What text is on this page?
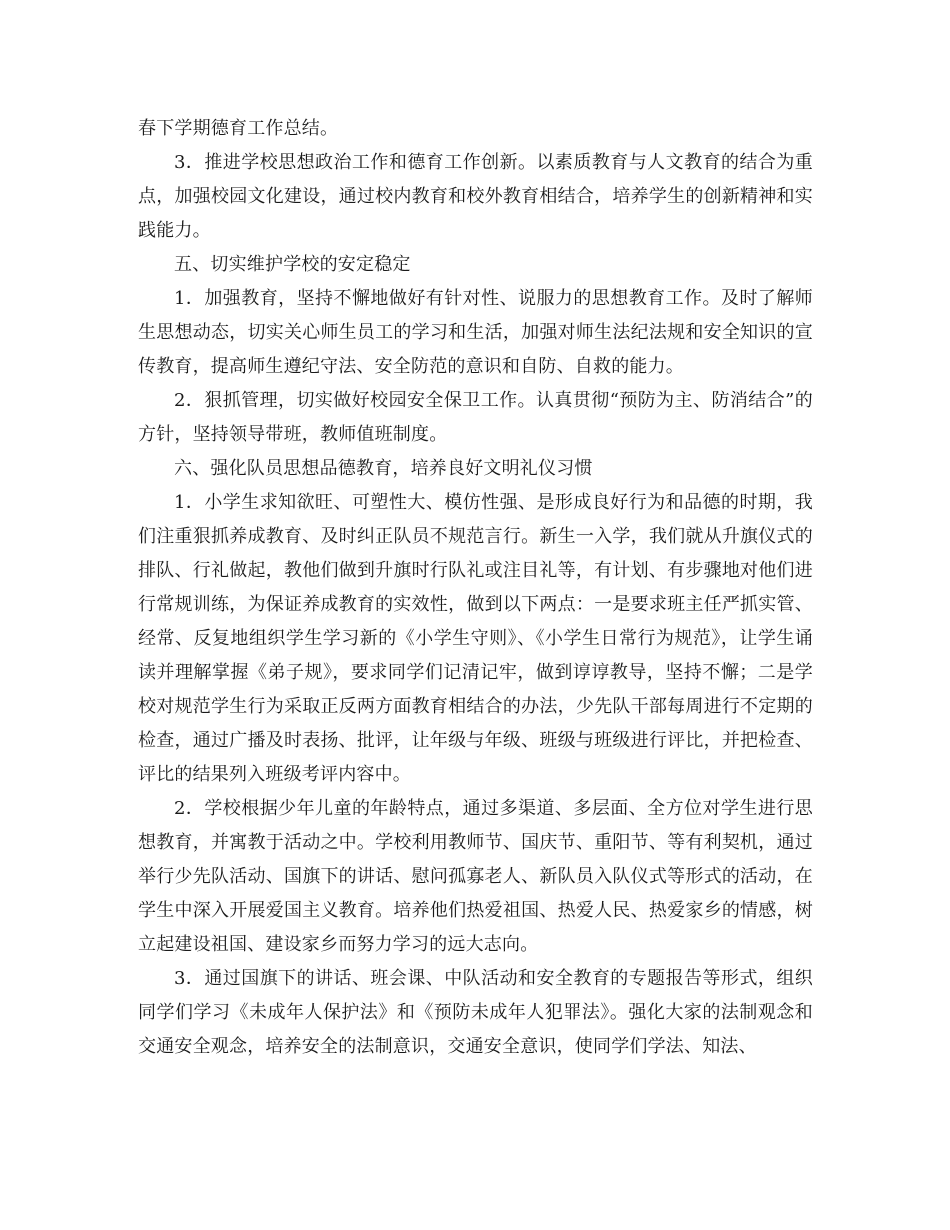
春下学期德育工作总结。

3．推进学校思想政治工作和德育工作创新。以素质教育与人文教育的结合为重点，加强校园文化建设，通过校内教育和校外教育相结合，培养学生的创新精神和实践能力。

五、切实维护学校的安定稳定

1．加强教育，坚持不懈地做好有针对性、说服力的思想教育工作。及时了解师生思想动态，切实关心师生员工的学习和生活，加强对师生法纪法规和安全知识的宣传教育，提高师生遵纪守法、安全防范的意识和自防、自救的能力。

2．狠抓管理，切实做好校园安全保卫工作。认真贯彻“预防为主、防消结合”的方针，坚持领导带班，教师值班制度。

六、强化队员思想品德教育，培养良好文明礼仪习惯

1．小学生求知欲旺、可塑性大、模仿性强、是形成良好行为和品德的时期，我们注重狠抓养成教育、及时纠正队员不规范言行。新生一入学，我们就从升旗仪式的排队、行礼做起，教他们做到升旗时行队礼或注目礼等，有计划、有步骤地对他们进行常规训练，为保证养成教育的实效性，做到以下两点：一是要求班主任严抓实管、经常、反复地组织学生学习新的《小学生守则》、《小学生日常行为规范》，让学生诵读并理解掌握《弟子规》，要求同学们记清记牢，做到谆谆教导，坚持不懈；二是学校对规范学生行为采取正反两方面教育相结合的办法，少先队干部每周进行不定期的检查，通过广播及时表扬、批评，让年级与年级、班级与班级进行评比，并把检查、评比的结果列入班级考评内容中。

2．学校根据少年儿童的年龄特点，通过多渠道、多层面、全方位对学生进行思想教育，并寓教于活动之中。学校利用教师节、国庆节、重阳节、等有利契机，通过举行少先队活动、国旗下的讲话、慰问孤寡老人、新队员入队仪式等形式的活动，在学生中深入开展爱国主义教育。培养他们热爱祖国、热爱人民、热爱家乡的情感，树立起建设祖国、建设家乡而努力学习的远大志向。

3．通过国旗下的讲话、班会课、中队活动和安全教育的专题报告等形式，组织同学们学习《未成年人保护法》和《预防未成年人犯罪法》。强化大家的法制观念和交通安全观念，培养安全的法制意识，交通安全意识，使同学们学法、知法、
